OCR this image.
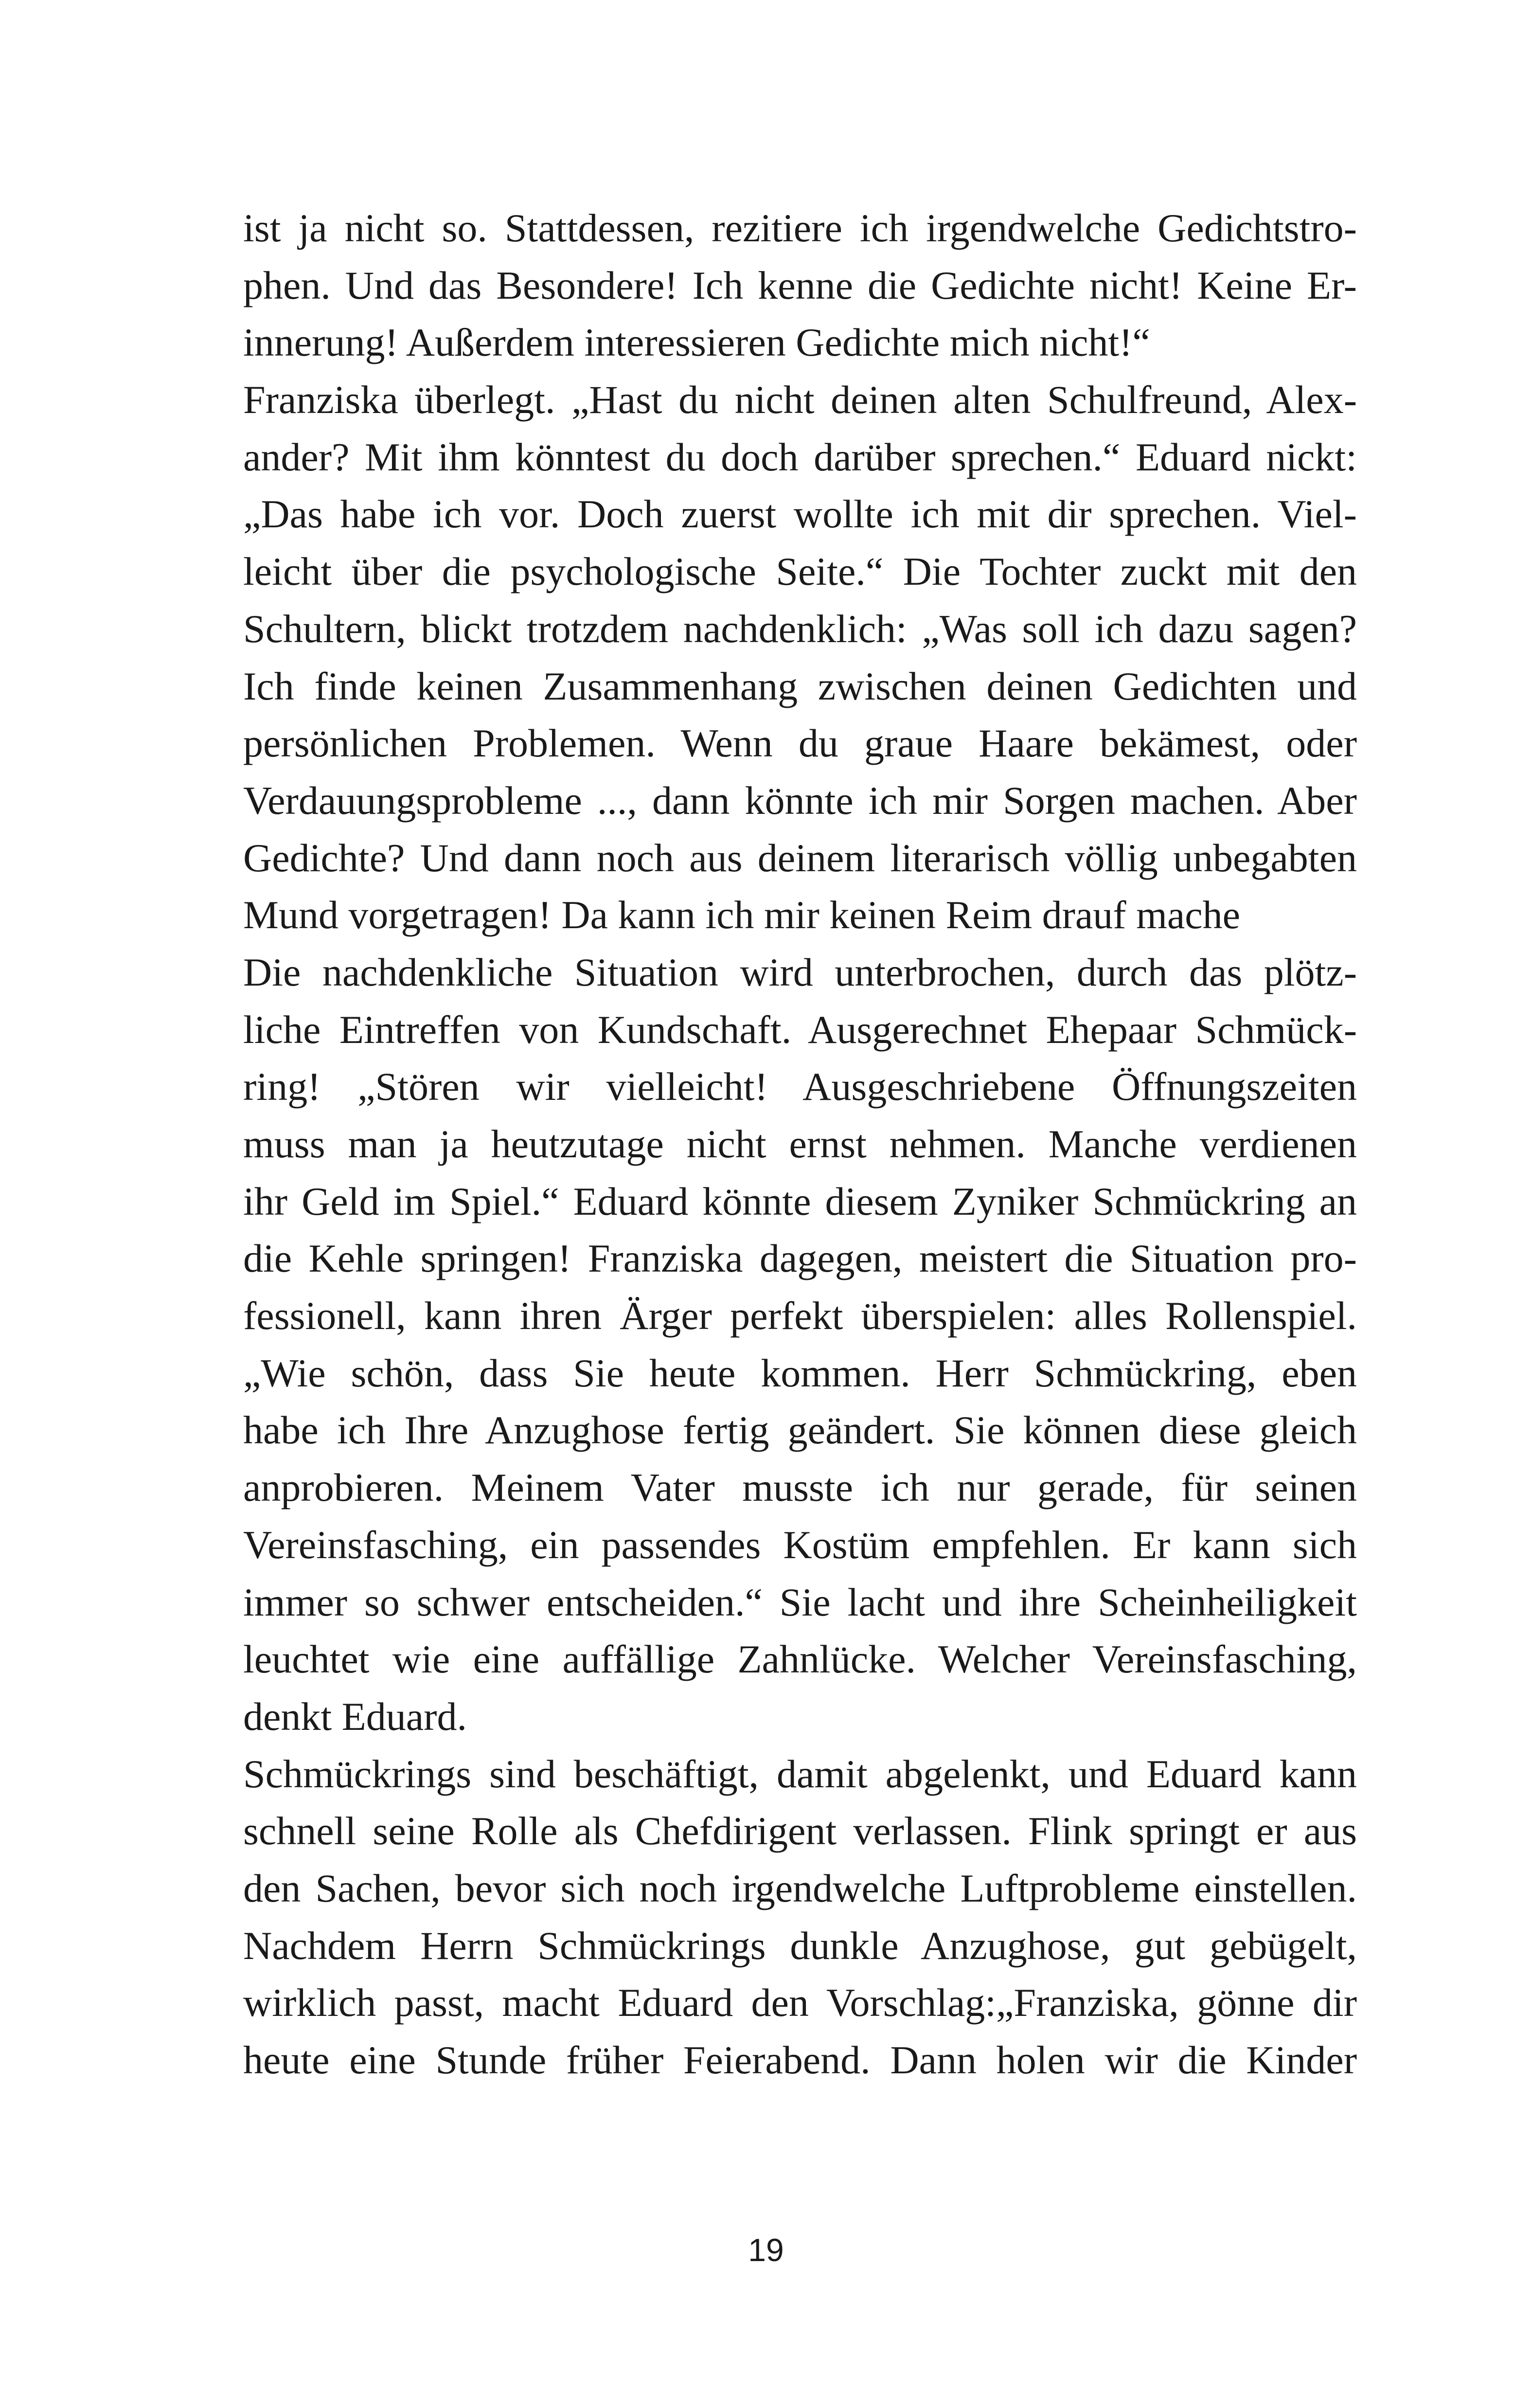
ist ja nicht so. Stattdessen, rezitiere ich irgendwelche Gedichtstro-
phen. Und das Besondere! Ich kenne die Gedichte nicht! Keine Er-
innerung! Außerdem interessieren Gedichte mich nicht!“
Franziska überlegt. „Hast du nicht deinen alten Schulfreund, Alex-
ander? Mit ihm könntest du doch darüber sprechen.“ Eduard nickt:
„Das habe ich vor. Doch zuerst wollte ich mit dir sprechen. Viel-
leicht über die psychologische Seite.“ Die Tochter zuckt mit den
Schultern, blickt trotzdem nachdenklich: „Was soll ich dazu sagen?
Ich finde keinen Zusammenhang zwischen deinen Gedichten und
persönlichen Problemen. Wenn du graue Haare bekämest, oder
Verdauungsprobleme ..., dann könnte ich mir Sorgen machen. Aber
Gedichte? Und dann noch aus deinem literarisch völlig unbegabten
Mund vorgetragen! Da kann ich mir keinen Reim drauf mache
Die nachdenkliche Situation wird unterbrochen, durch das plötz-
liche Eintreffen von Kundschaft. Ausgerechnet Ehepaar Schmück-
ring! „Stören wir vielleicht! Ausgeschriebene Öffnungszeiten
muss man ja heutzutage nicht ernst nehmen. Manche verdienen
ihr Geld im Spiel.“ Eduard könnte diesem Zyniker Schmückring an
die Kehle springen! Franziska dagegen, meistert die Situation pro-
fessionell, kann ihren Ärger perfekt überspielen: alles Rollenspiel.
„Wie schön, dass Sie heute kommen. Herr Schmückring, eben
habe ich Ihre Anzughose fertig geändert. Sie können diese gleich
anprobieren. Meinem Vater musste ich nur gerade, für seinen
Vereinsfasching, ein passendes Kostüm empfehlen. Er kann sich
immer so schwer entscheiden.“ Sie lacht und ihre Scheinheiligkeit
leuchtet wie eine auffällige Zahnlücke. Welcher Vereinsfasching,
denkt Eduard.
Schmückrings sind beschäftigt, damit abgelenkt, und Eduard kann
schnell seine Rolle als Chefdirigent verlassen. Flink springt er aus
den Sachen, bevor sich noch irgendwelche Luftprobleme einstellen.
Nachdem Herrn Schmückrings dunkle Anzughose, gut gebügelt,
wirklich passt, macht Eduard den Vorschlag:„Franziska, gönne dir
heute eine Stunde früher Feierabend. Dann holen wir die Kinder
19
